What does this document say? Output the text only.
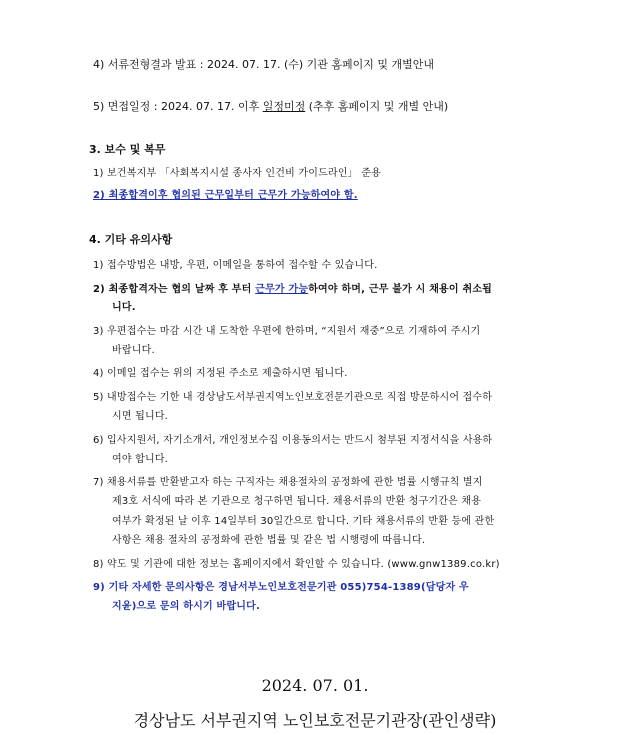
4) 서류전형결과 발표 : 2024. 07. 17. (수) 기관 홈페이지 및 개별안내
5) 면접일정 : 2024. 07. 17. 이후 일정미정 (추후 홈페이지 및 개별 안내)
3. 보수 및 복무
1) 보건복지부 「사회복지시설 종사자 인건비 가이드라인」 준용
2) 최종합격이후 협의된 근무일부터 근무가 가능하여야 함.
4. 기타 유의사항
1) 접수방법은 내방, 우편, 이메일을 통하여 접수할 수 있습니다.
2) 최종합격자는 협의 날짜 후 부터 근무가 가능하여야 하며, 근무 불가 시 채용이 취소됩
니다.
3) 우편접수는 마감 시간 내 도착한 우편에 한하며, “지원서 재중”으로 기재하여 주시기
바랍니다.
4) 이메일 접수는 위의 지정된 주소로 제출하시면 됩니다.
5) 내방접수는 기한 내 경상남도서부권지역노인보호전문기관으로 직접 방문하시어 접수하
시면 됩니다.
6) 입사지원서, 자기소개서, 개인정보수집 이용동의서는 반드시 첨부된 지정서식을 사용하
여야 합니다.
7) 채용서류를 반환받고자 하는 구직자는 채용절차의 공정화에 관한 법률 시행규칙 별지
제3호 서식에 따라 본 기관으로 청구하면 됩니다. 채용서류의 반환 청구기간은 채용
여부가 확정된 날 이후 14일부터 30일간으로 합니다. 기타 채용서류의 반환 등에 관한
사항은 채용 절차의 공정화에 관한 법률 및 같은 법 시행령에 따릅니다.
8) 약도 및 기관에 대한 정보는 홈페이지에서 확인할 수 있습니다. (www.gnw1389.co.kr)
9) 기타 자세한 문의사항은 경남서부노인보호전문기관 055)754-1389(담당자 우
지윤)으로 문의 하시기 바랍니다.
2024. 07. 01.
경상남도 서부권지역 노인보호전문기관장(관인생략)
